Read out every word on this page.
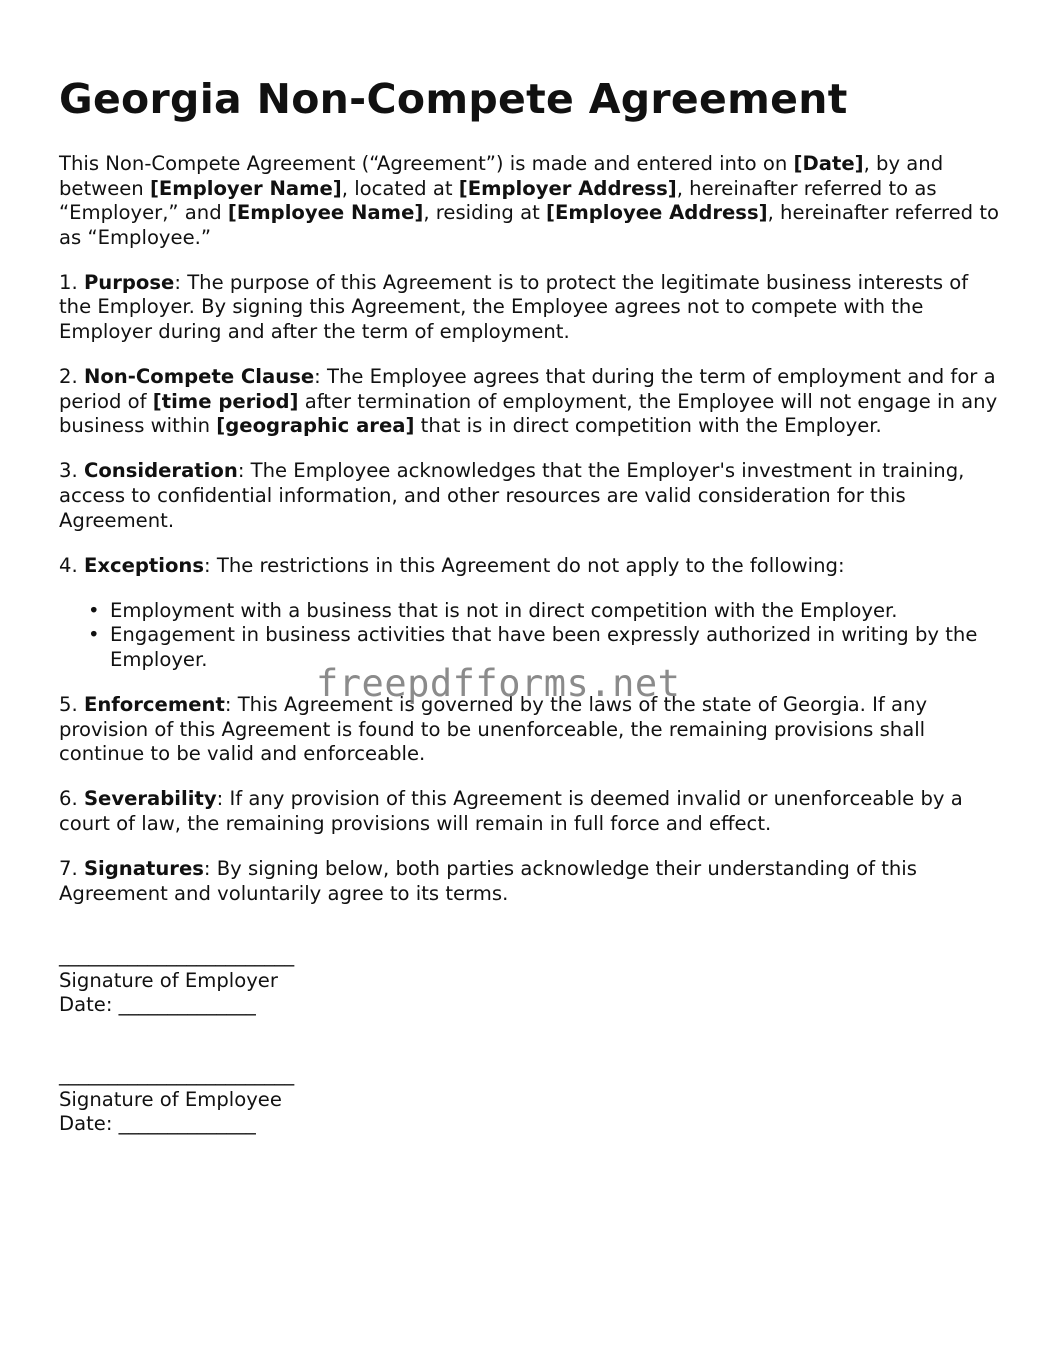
Georgia Non-Compete Agreement

This Non-Compete Agreement (“Agreement”) is made and entered into on [Date], by and between [Employer Name], located at [Employer Address], hereinafter referred to as “Employer,” and [Employee Name], residing at [Employee Address], hereinafter referred to as “Employee.”

1. Purpose: The purpose of this Agreement is to protect the legitimate business interests of the Employer. By signing this Agreement, the Employee agrees not to compete with the Employer during and after the term of employment.

2. Non-Compete Clause: The Employee agrees that during the term of employment and for a period of [time period] after termination of employment, the Employee will not engage in any business within [geographic area] that is in direct competition with the Employer.

3. Consideration: The Employee acknowledges that the Employer's investment in training, access to confidential information, and other resources are valid consideration for this Agreement.

4. Exceptions: The restrictions in this Agreement do not apply to the following:

• Employment with a business that is not in direct competition with the Employer.
• Engagement in business activities that have been expressly authorized in writing by the Employer.

5. Enforcement: This Agreement is governed by the laws of the state of Georgia. If any provision of this Agreement is found to be unenforceable, the remaining provisions shall continue to be valid and enforceable.

6. Severability: If any provision of this Agreement is deemed invalid or unenforceable by a court of law, the remaining provisions will remain in full force and effect.

7. Signatures: By signing below, both parties acknowledge their understanding of this Agreement and voluntarily agree to its terms.

________________________
Signature of Employer
Date: ______________
________________________
Signature of Employee
Date: ______________
freepdfforms.net
